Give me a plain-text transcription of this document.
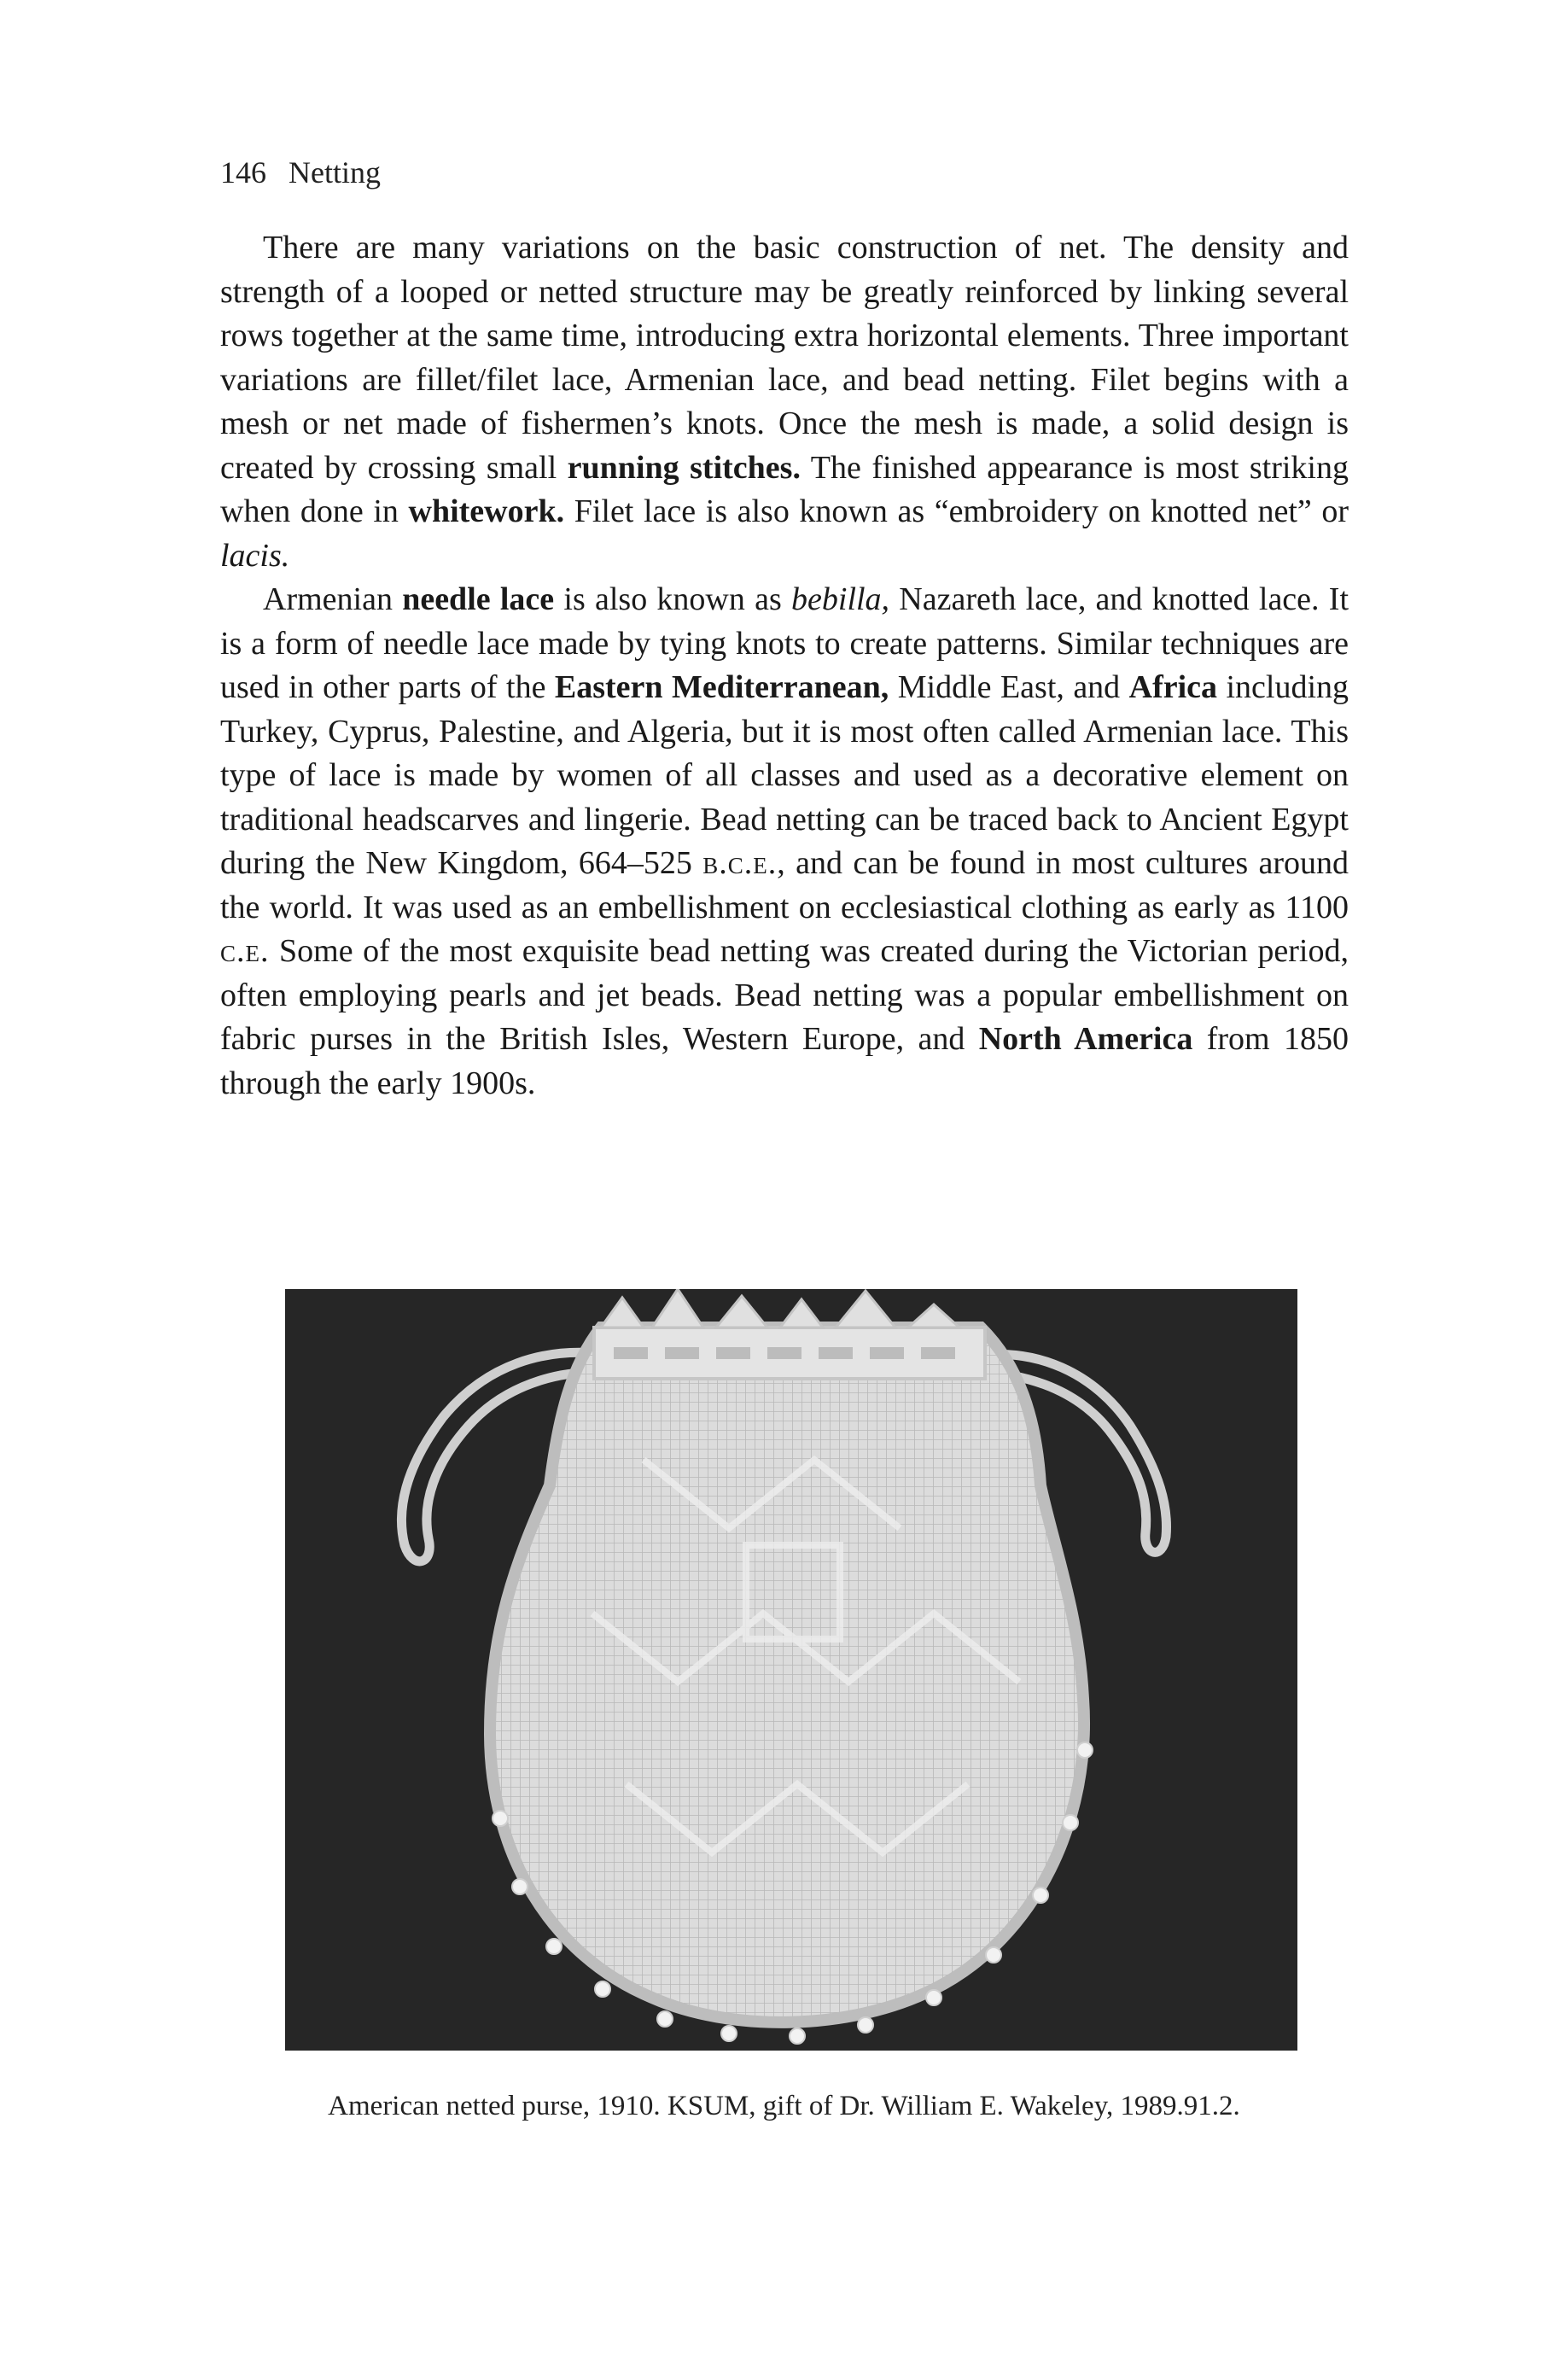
146 Netting

There are many variations on the basic construction of net. The density and strength of a looped or netted structure may be greatly reinforced by linking several rows together at the same time, introducing extra horizontal elements. Three important variations are fillet/filet lace, Armenian lace, and bead netting. Filet begins with a mesh or net made of fishermen’s knots. Once the mesh is made, a solid design is created by crossing small running stitches. The finished appearance is most striking when done in whitework. Filet lace is also known as “embroidery on knotted net” or lacis.

Armenian needle lace is also known as bebilla, Nazareth lace, and knotted lace. It is a form of needle lace made by tying knots to create patterns. Similar techniques are used in other parts of the Eastern Mediterranean, Middle East, and Africa including Turkey, Cyprus, Palestine, and Algeria, but it is most often called Armenian lace. This type of lace is made by women of all classes and used as a decorative element on traditional headscarves and lingerie. Bead netting can be traced back to Ancient Egypt during the New Kingdom, 664–525 b.c.e., and can be found in most cultures around the world. It was used as an embellishment on ecclesiastical clothing as early as 1100 c.e. Some of the most exquisite bead netting was created during the Victorian period, often employing pearls and jet beads. Bead netting was a popular embellishment on fabric purses in the British Isles, Western Europe, and North America from 1850 through the early 1900s.

American netted purse, 1910. KSUM, gift of Dr. William E. Wakeley, 1989.91.2.
